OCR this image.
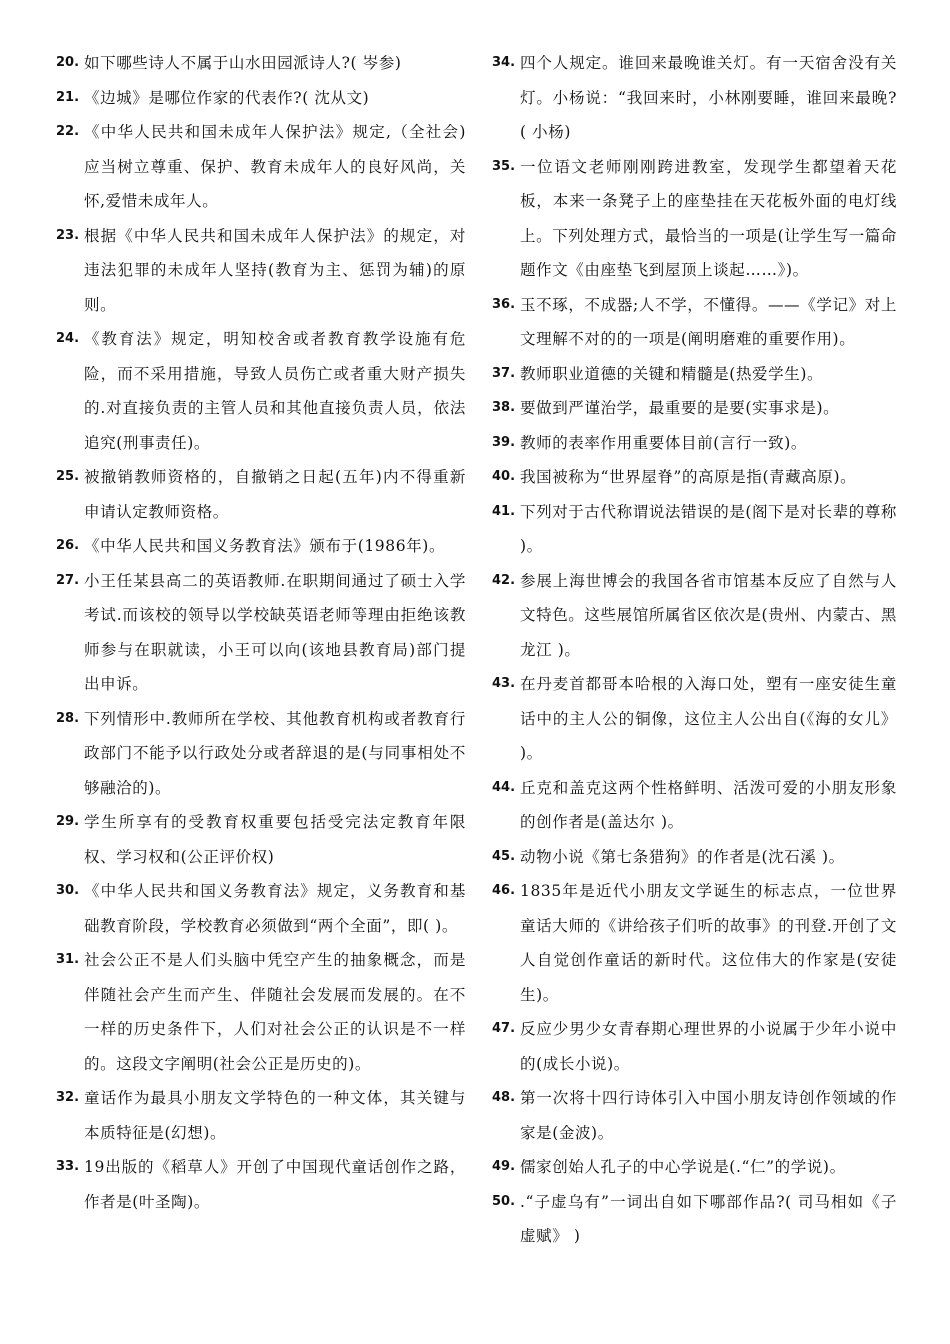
20. 如下哪些诗人不属于山水田园派诗人?( 岑参)
21. 《边城》是哪位作家的代表作?( 沈从文)
22. 《中华人民共和国未成年人保护法》规定,（全社会)应当树立尊重、保护、教育未成年人的良好风尚，关怀,爱惜未成年人。
23. 根据《中华人民共和国未成年人保护法》的规定，对违法犯罪的未成年人坚持(教育为主、惩罚为辅)的原则。
24. 《教育法》规定，明知校舍或者教育教学设施有危险，而不采用措施，导致人员伤亡或者重大财产损失的.对直接负责的主管人员和其他直接负责人员，依法追究(刑事责任)。
25. 被撤销教师资格的，自撤销之日起(五年)内不得重新申请认定教师资格。
26. 《中华人民共和国义务教育法》颁布于(1986年)。
27. 小王任某县高二的英语教师.在职期间通过了硕士入学考试.而该校的领导以学校缺英语老师等理由拒绝该教师参与在职就读，小王可以向(该地县教育局)部门提出申诉。
28. 下列情形中.教师所在学校、其他教育机构或者教育行政部门不能予以行政处分或者辞退的是(与同事相处不够融洽的)。
29. 学生所享有的受教育权重要包括受完法定教育年限权、学习权和(公正评价权)
30. 《中华人民共和国义务教育法》规定，义务教育和基础教育阶段，学校教育必须做到“两个全面”，即( )。
31. 社会公正不是人们头脑中凭空产生的抽象概念，而是伴随社会产生而产生、伴随社会发展而发展的。在不一样的历史条件下，人们对社会公正的认识是不一样的。这段文字阐明(社会公正是历史的)。
32. 童话作为最具小朋友文学特色的一种文体，其关键与本质特征是(幻想)。
33. 19出版的《稻草人》开创了中国现代童话创作之路，作者是(叶圣陶)。
34. 四个人规定。谁回来最晚谁关灯。有一天宿舍没有关灯。小杨说：“我回来时，小林刚要睡，谁回来最晚?( 小杨)
35. 一位语文老师刚刚跨进教室，发现学生都望着天花板，本来一条凳子上的座垫挂在天花板外面的电灯线上。下列处理方式，最恰当的一项是(让学生写一篇命题作文《由座垫飞到屋顶上谈起……》)。
36. 玉不琢，不成器;人不学，不懂得。——《学记》对上文理解不对的的一项是(阐明磨难的重要作用)。
37. 教师职业道德的关键和精髓是(热爱学生)。
38. 要做到严谨治学，最重要的是要(实事求是)。
39. 教师的表率作用重要体目前(言行一致)。
40. 我国被称为“世界屋脊”的高原是指(青藏高原)。
41. 下列对于古代称谓说法错误的是(阁下是对长辈的尊称 )。
42. 参展上海世博会的我国各省市馆基本反应了自然与人文特色。这些展馆所属省区依次是(贵州、内蒙古、黑龙江 )。
43. 在丹麦首都哥本哈根的入海口处，塑有一座安徒生童话中的主人公的铜像，这位主人公出自(《海的女儿》 )。
44. 丘克和盖克这两个性格鲜明、活泼可爱的小朋友形象的创作者是(盖达尔 )。
45. 动物小说《第七条猎狗》的作者是(沈石溪 )。
46. 1835年是近代小朋友文学诞生的标志点，一位世界童话大师的《讲给孩子们听的故事》的刊登.开创了文人自觉创作童话的新时代。这位伟大的作家是(安徒生)。
47. 反应少男少女青春期心理世界的小说属于少年小说中的(成长小说)。
48. 第一次将十四行诗体引入中国小朋友诗创作领域的作家是(金波)。
49. 儒家创始人孔子的中心学说是(.“仁”的学说)。
50. .“子虚乌有”一词出自如下哪部作品?( 司马相如《子虚赋》 )
